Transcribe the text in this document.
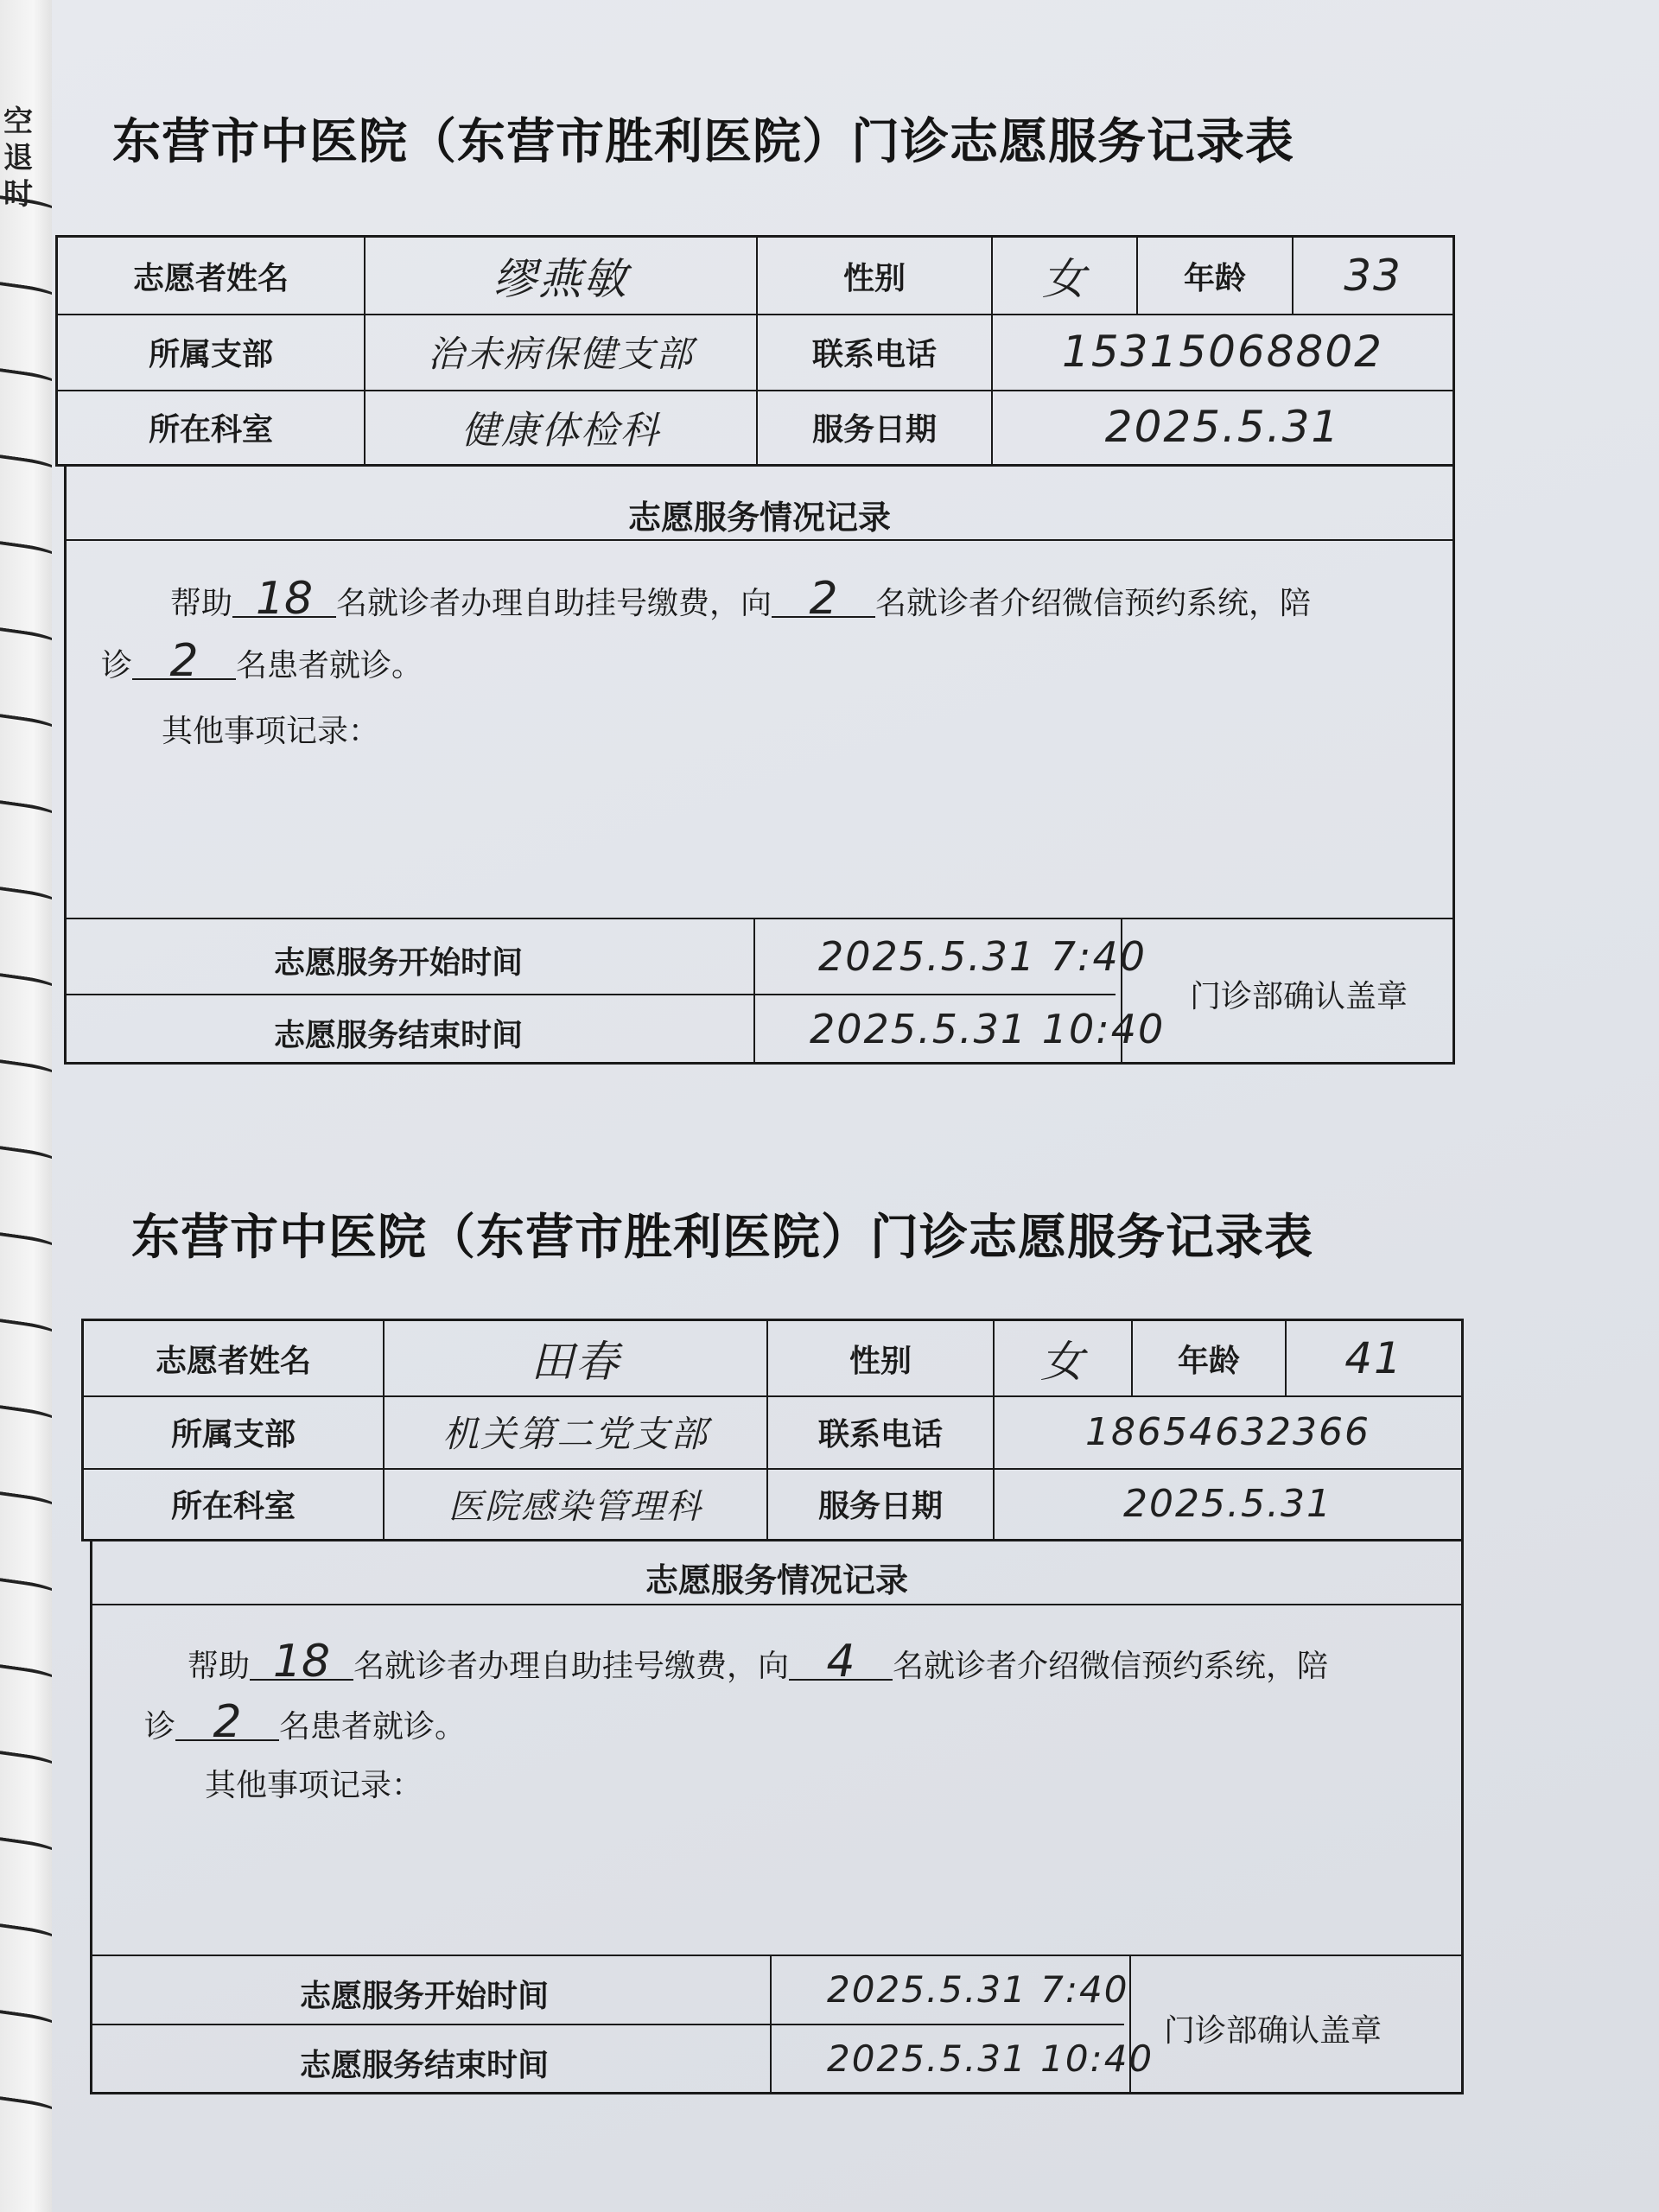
空退时
东营市中医院（东营市胜利医院）门诊志愿服务记录表
志愿者姓名	缪燕敏	性别	女	年龄 33
所属支部	治未病保健支部	联系电话	15315068802
所在科室	健康体检科	服务日期	2025.5.31
志愿服务情况记录
帮助 18 名就诊者办理自助挂号缴费，向 2 名就诊者介绍微信预约系统，陪
诊 2 名患者就诊。
其他事项记录：
志愿服务开始时间	2025.5.31 7:40
志愿服务结束时间	2025.5.31 10:40
门诊部确认盖章
东营市中医院（东营市胜利医院）门诊志愿服务记录表
志愿者姓名	田春	性别	女	年龄 41
所属支部	机关第二党支部	联系电话	18654632366
所在科室	医院感染管理科	服务日期	2025.5.31
志愿服务情况记录
帮助 18 名就诊者办理自助挂号缴费，向 4 名就诊者介绍微信预约系统，陪
诊 2 名患者就诊。
其他事项记录：
志愿服务开始时间	2025.5.31 7:40
志愿服务结束时间	2025.5.31 10:40
门诊部确认盖章
